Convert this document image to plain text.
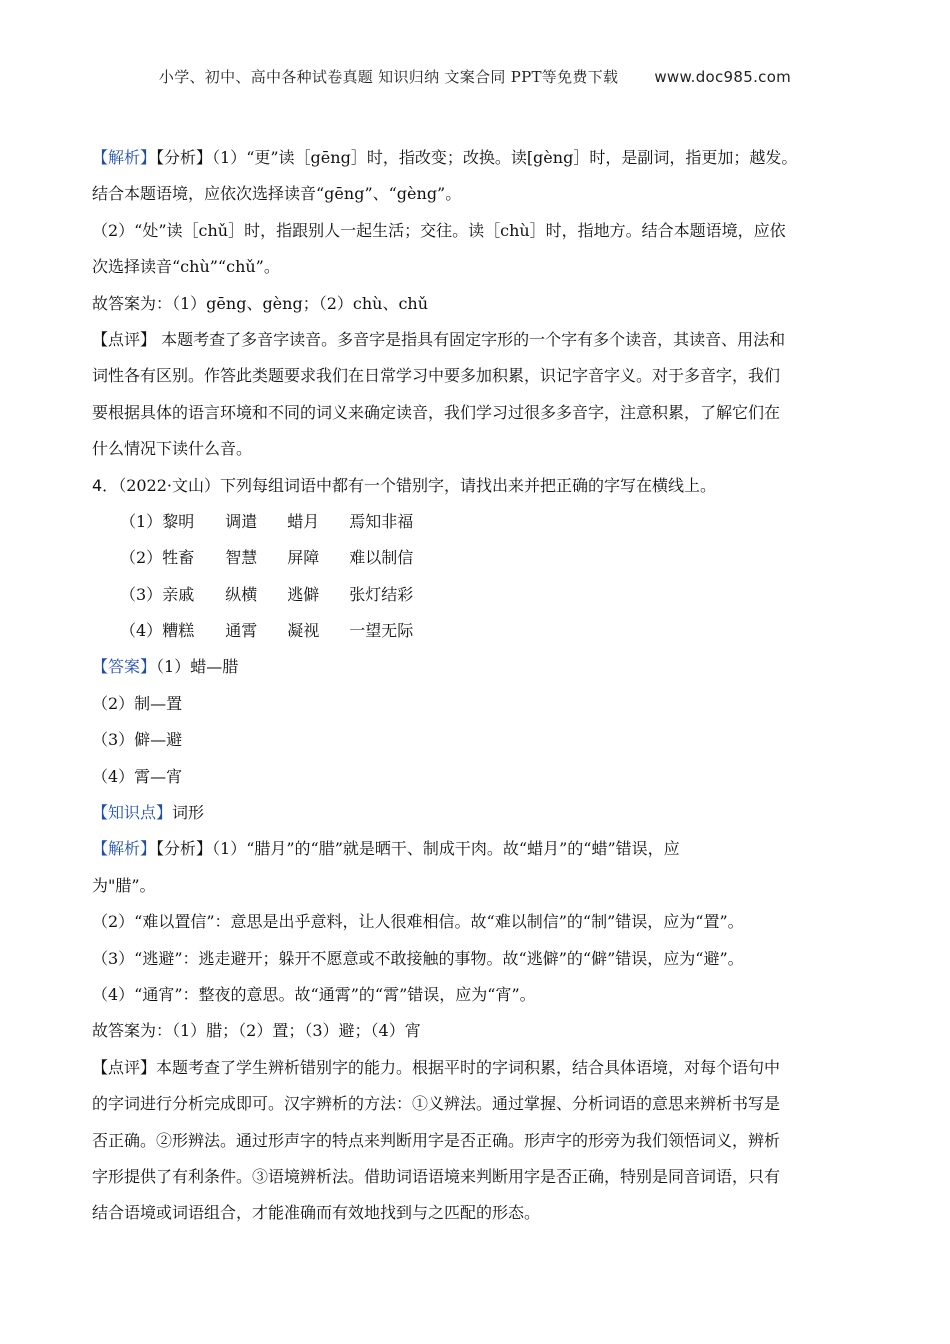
小学、初中、高中各种试卷真题 知识归纳 文案合同 PPT等免费下载 www.doc985.com
【解析】【分析】（1）“更”读［gēng］时，指改变；改换。读[gèng］时，是副词，指更加；越发。
结合本题语境，应依次选择读音“gēng”、“gèng”。
（2）“处”读［chǔ］时，指跟别人一起生活；交往。读［chù］时，指地方。结合本题语境，应依
次选择读音“chù”“chǔ”。
故答案为：（1）gēng、gèng；（2）chù、chǔ
【点评】 本题考查了多音字读音。多音字是指具有固定字形的一个字有多个读音，其读音、用法和
词性各有区别。作答此类题要求我们在日常学习中要多加积累，识记字音字义。对于多音字，我们
要根据具体的语言环境和不同的词义来确定读音，我们学习过很多多音字，注意积累，了解它们在
什么情况下读什么音。
4．（2022·文山）下列每组词语中都有一个错别字，请找出来并把正确的字写在横线上。
（1）黎明 调遣 蜡月 焉知非福
（2）牲畜 智慧 屏障 难以制信
（3）亲戚 纵横 逃僻 张灯结彩
（4）糟糕 通霄 凝视 一望无际
【答案】（1）蜡—腊
（2）制—置
（3）僻—避
（4）霄—宵
【知识点】词形
【解析】【分析】（1）“腊月”的“腊”就是晒干、制成干肉。故“蜡月”的“蜡”错误，应
为"腊”。
（2）“难以置信”：意思是出乎意料，让人很难相信。故“难以制信”的“制”错误，应为“置”。
（3）“逃避”：逃走避开；躲开不愿意或不敢接触的事物。故“逃僻”的“僻”错误，应为“避”。
（4）“通宵”：整夜的意思。故“通霄”的“霄”错误，应为“宵”。
故答案为：（1）腊；（2）置；（3）避；（4）宵
【点评】本题考查了学生辨析错别字的能力。根据平时的字词积累，结合具体语境，对每个语句中
的字词进行分析完成即可。汉字辨析的方法：①义辨法。通过掌握、分析词语的意思来辨析书写是
否正确。②形辨法。通过形声字的特点来判断用字是否正确。形声字的形旁为我们领悟词义，辨析
字形提供了有利条件。③语境辨析法。借助词语语境来判断用字是否正确，特别是同音词语，只有
结合语境或词语组合，才能准确而有效地找到与之匹配的形态。
